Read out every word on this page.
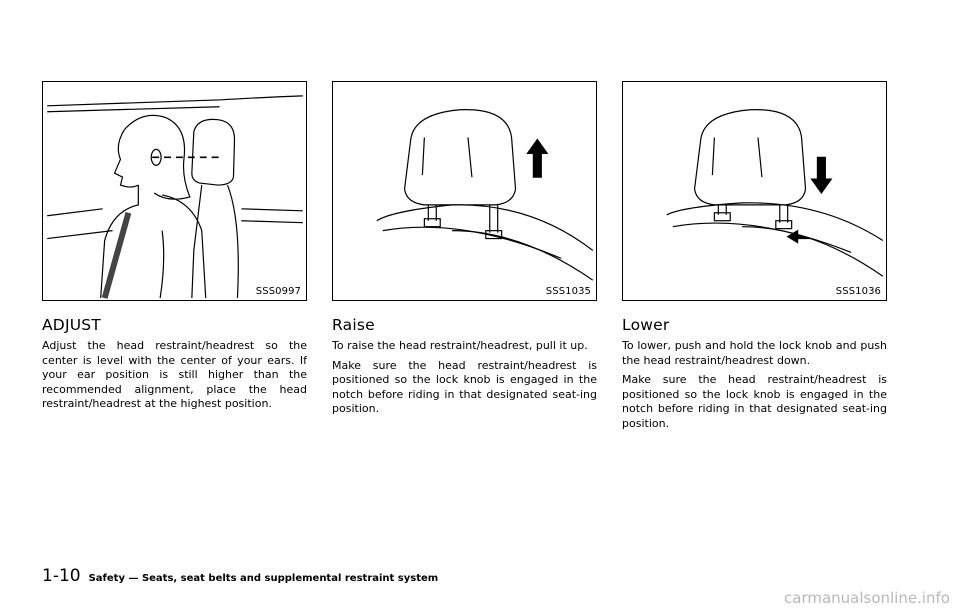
SSS0997	SSS1035	SSS1036
ADJUST

Adjust the head restraint/headrest so the center is level with the center of your ears. If your ear position is still higher than the recommended alignment, place the head restraint/headrest at the highest position.

Raise

To raise the head restraint/headrest, pull it up.

Make sure the head restraint/headrest is positioned so the lock knob is engaged in the notch before riding in that designated seat-ing position.

Lower

To lower, push and hold the lock knob and push the head restraint/headrest down.

Make sure the head restraint/headrest is positioned so the lock knob is engaged in the notch before riding in that designated seat-ing position.

1-10 Safety — Seats, seat belts and supplemental restraint system
carmanualsonline.info
